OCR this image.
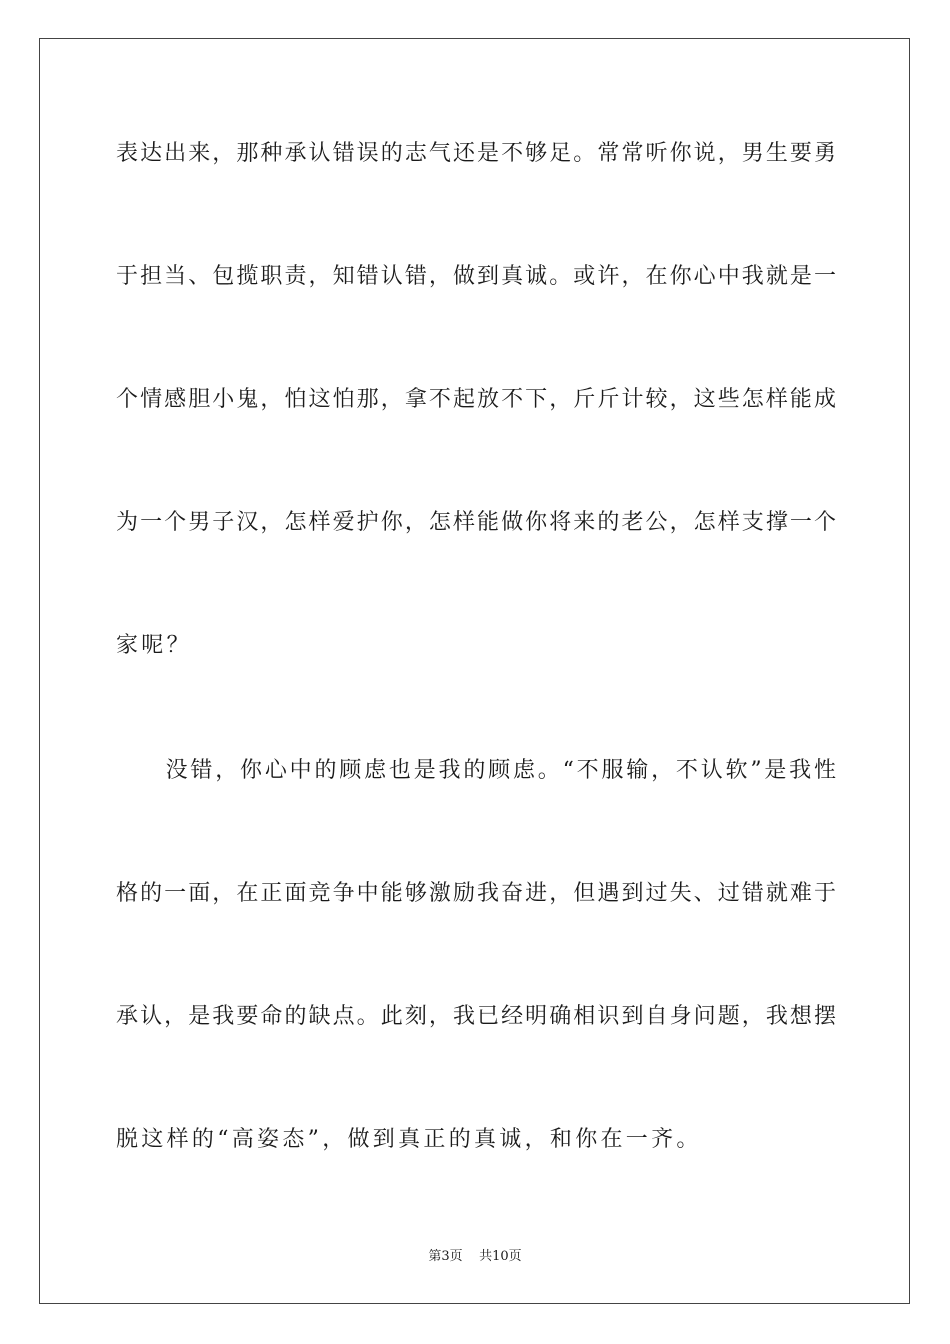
表达出来，那种承认错误的志气还是不够足。常常听你说，男生要勇
于担当、包揽职责，知错认错，做到真诚。或许，在你心中我就是一
个情感胆小鬼，怕这怕那，拿不起放不下，斤斤计较，这些怎样能成
为一个男子汉，怎样爱护你，怎样能做你将来的老公，怎样支撑一个
家呢？
　　没错，你心中的顾虑也是我的顾虑。“不服输，不认软”是我性
格的一面，在正面竞争中能够激励我奋进，但遇到过失、过错就难于
承认，是我要命的缺点。此刻，我已经明确相识到自身问题，我想摆
脱这样的“高姿态”，做到真正的真诚，和你在一齐。
第3页 共10页
